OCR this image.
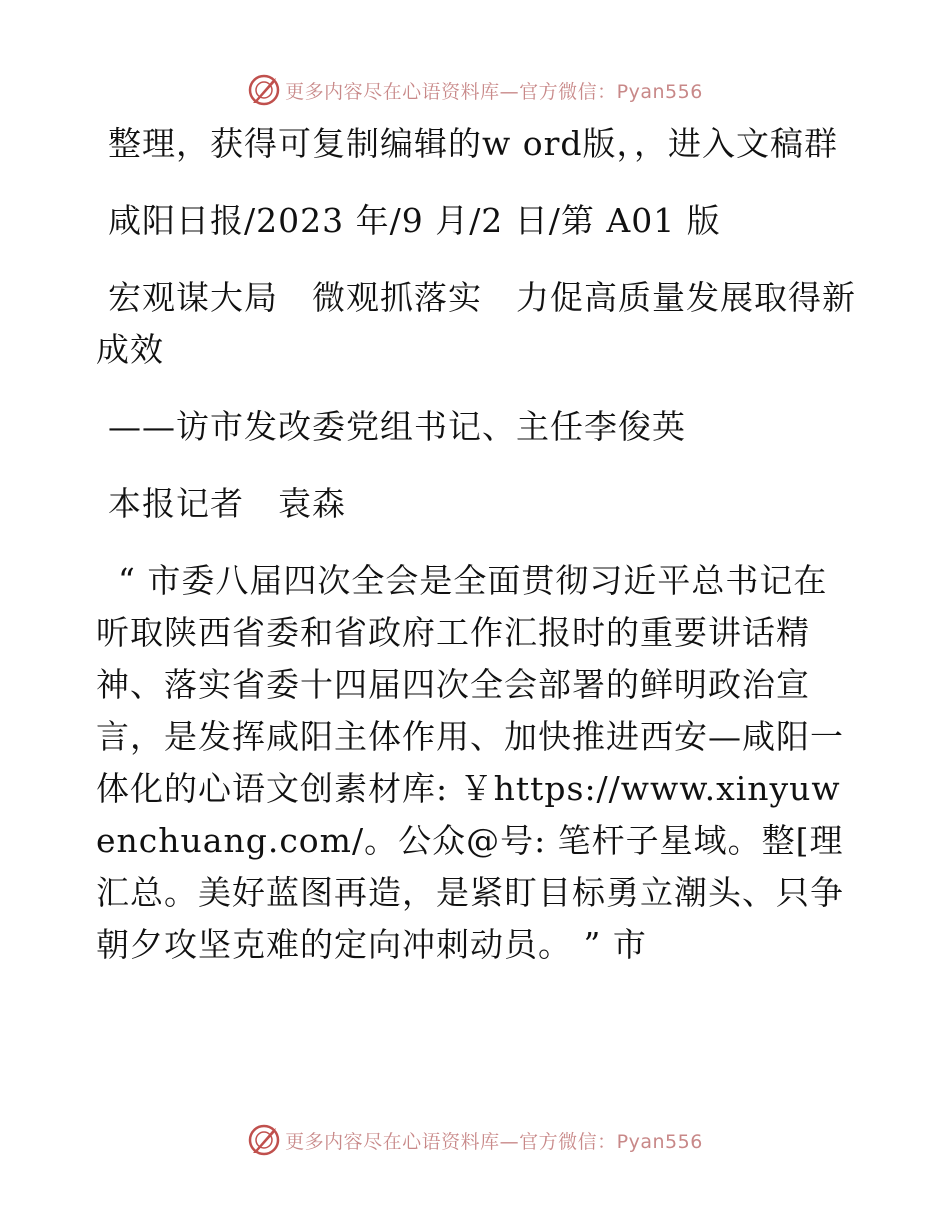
更多内容尽在心语资料库—官方微信：Pyan556

整理，获得可复制编辑的w ord版，，进入文稿群

咸阳日报/2023 年/9 月/2 日/第 A01 版

宏观谋大局　微观抓落实　力促高质量发展取得新成效

——访市发改委党组书记、主任李俊英

本报记者　袁森

“ 市委八届四次全会是全面贯彻习近平总书记在听取陕西省委和省政府工作汇报时的重要讲话精神、落实省委十四届四次全会部署的鲜明政治宣言，是发挥咸阳主体作用、加快推进西安—咸阳一体化的心语文创素材库: ￥https://www.xinyuwenchuang.com/。公众@号: 笔杆子星域。整[理汇总。美好蓝图再造，是紧盯目标勇立潮头、只争朝夕攻坚克难的定向冲刺动员。 ” 市

更多内容尽在心语资料库—官方微信：Pyan556
